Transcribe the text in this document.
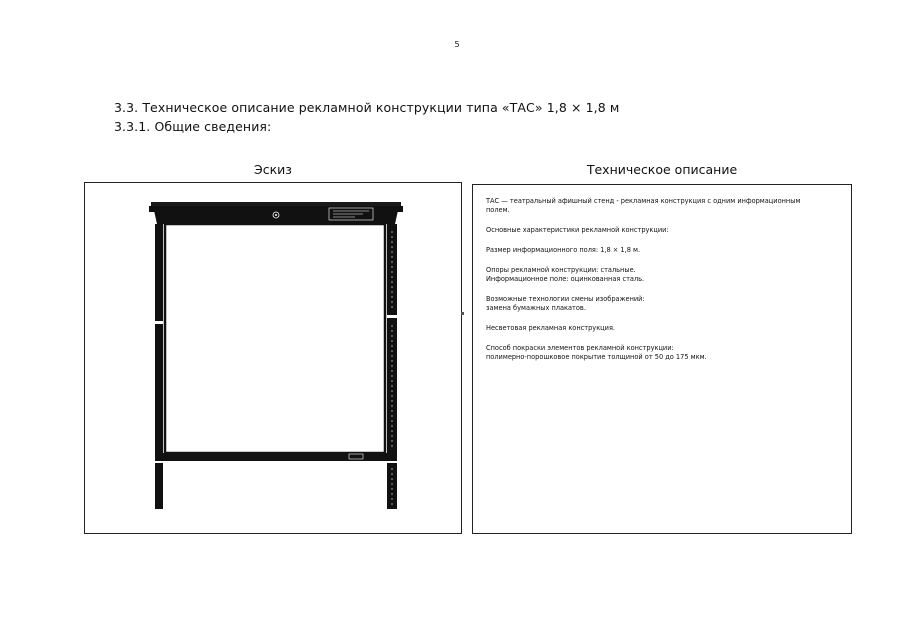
5
3.3. Техническое описание рекламной конструкции типа «ТАС» 1,8 × 1,8 м
3.3.1. Общие сведения:
Эскиз	Техническое описание

ТАС — театральный афишный стенд - рекламная конструкция с одним информационным
полем.

Основные характеристики рекламной конструкции:

Размер информационного поля: 1,8 × 1,8 м.

Опоры рекламной конструкции: стальные.
Информационное поле: оцинкованная сталь.

Возможные технологии смены изображений:
замена бумажных плакатов.

Несветовая рекламная конструкция.

Способ покраски элементов рекламной конструкции:
полимерно-порошковое покрытие толщиной от 50 до 175 мкм.
